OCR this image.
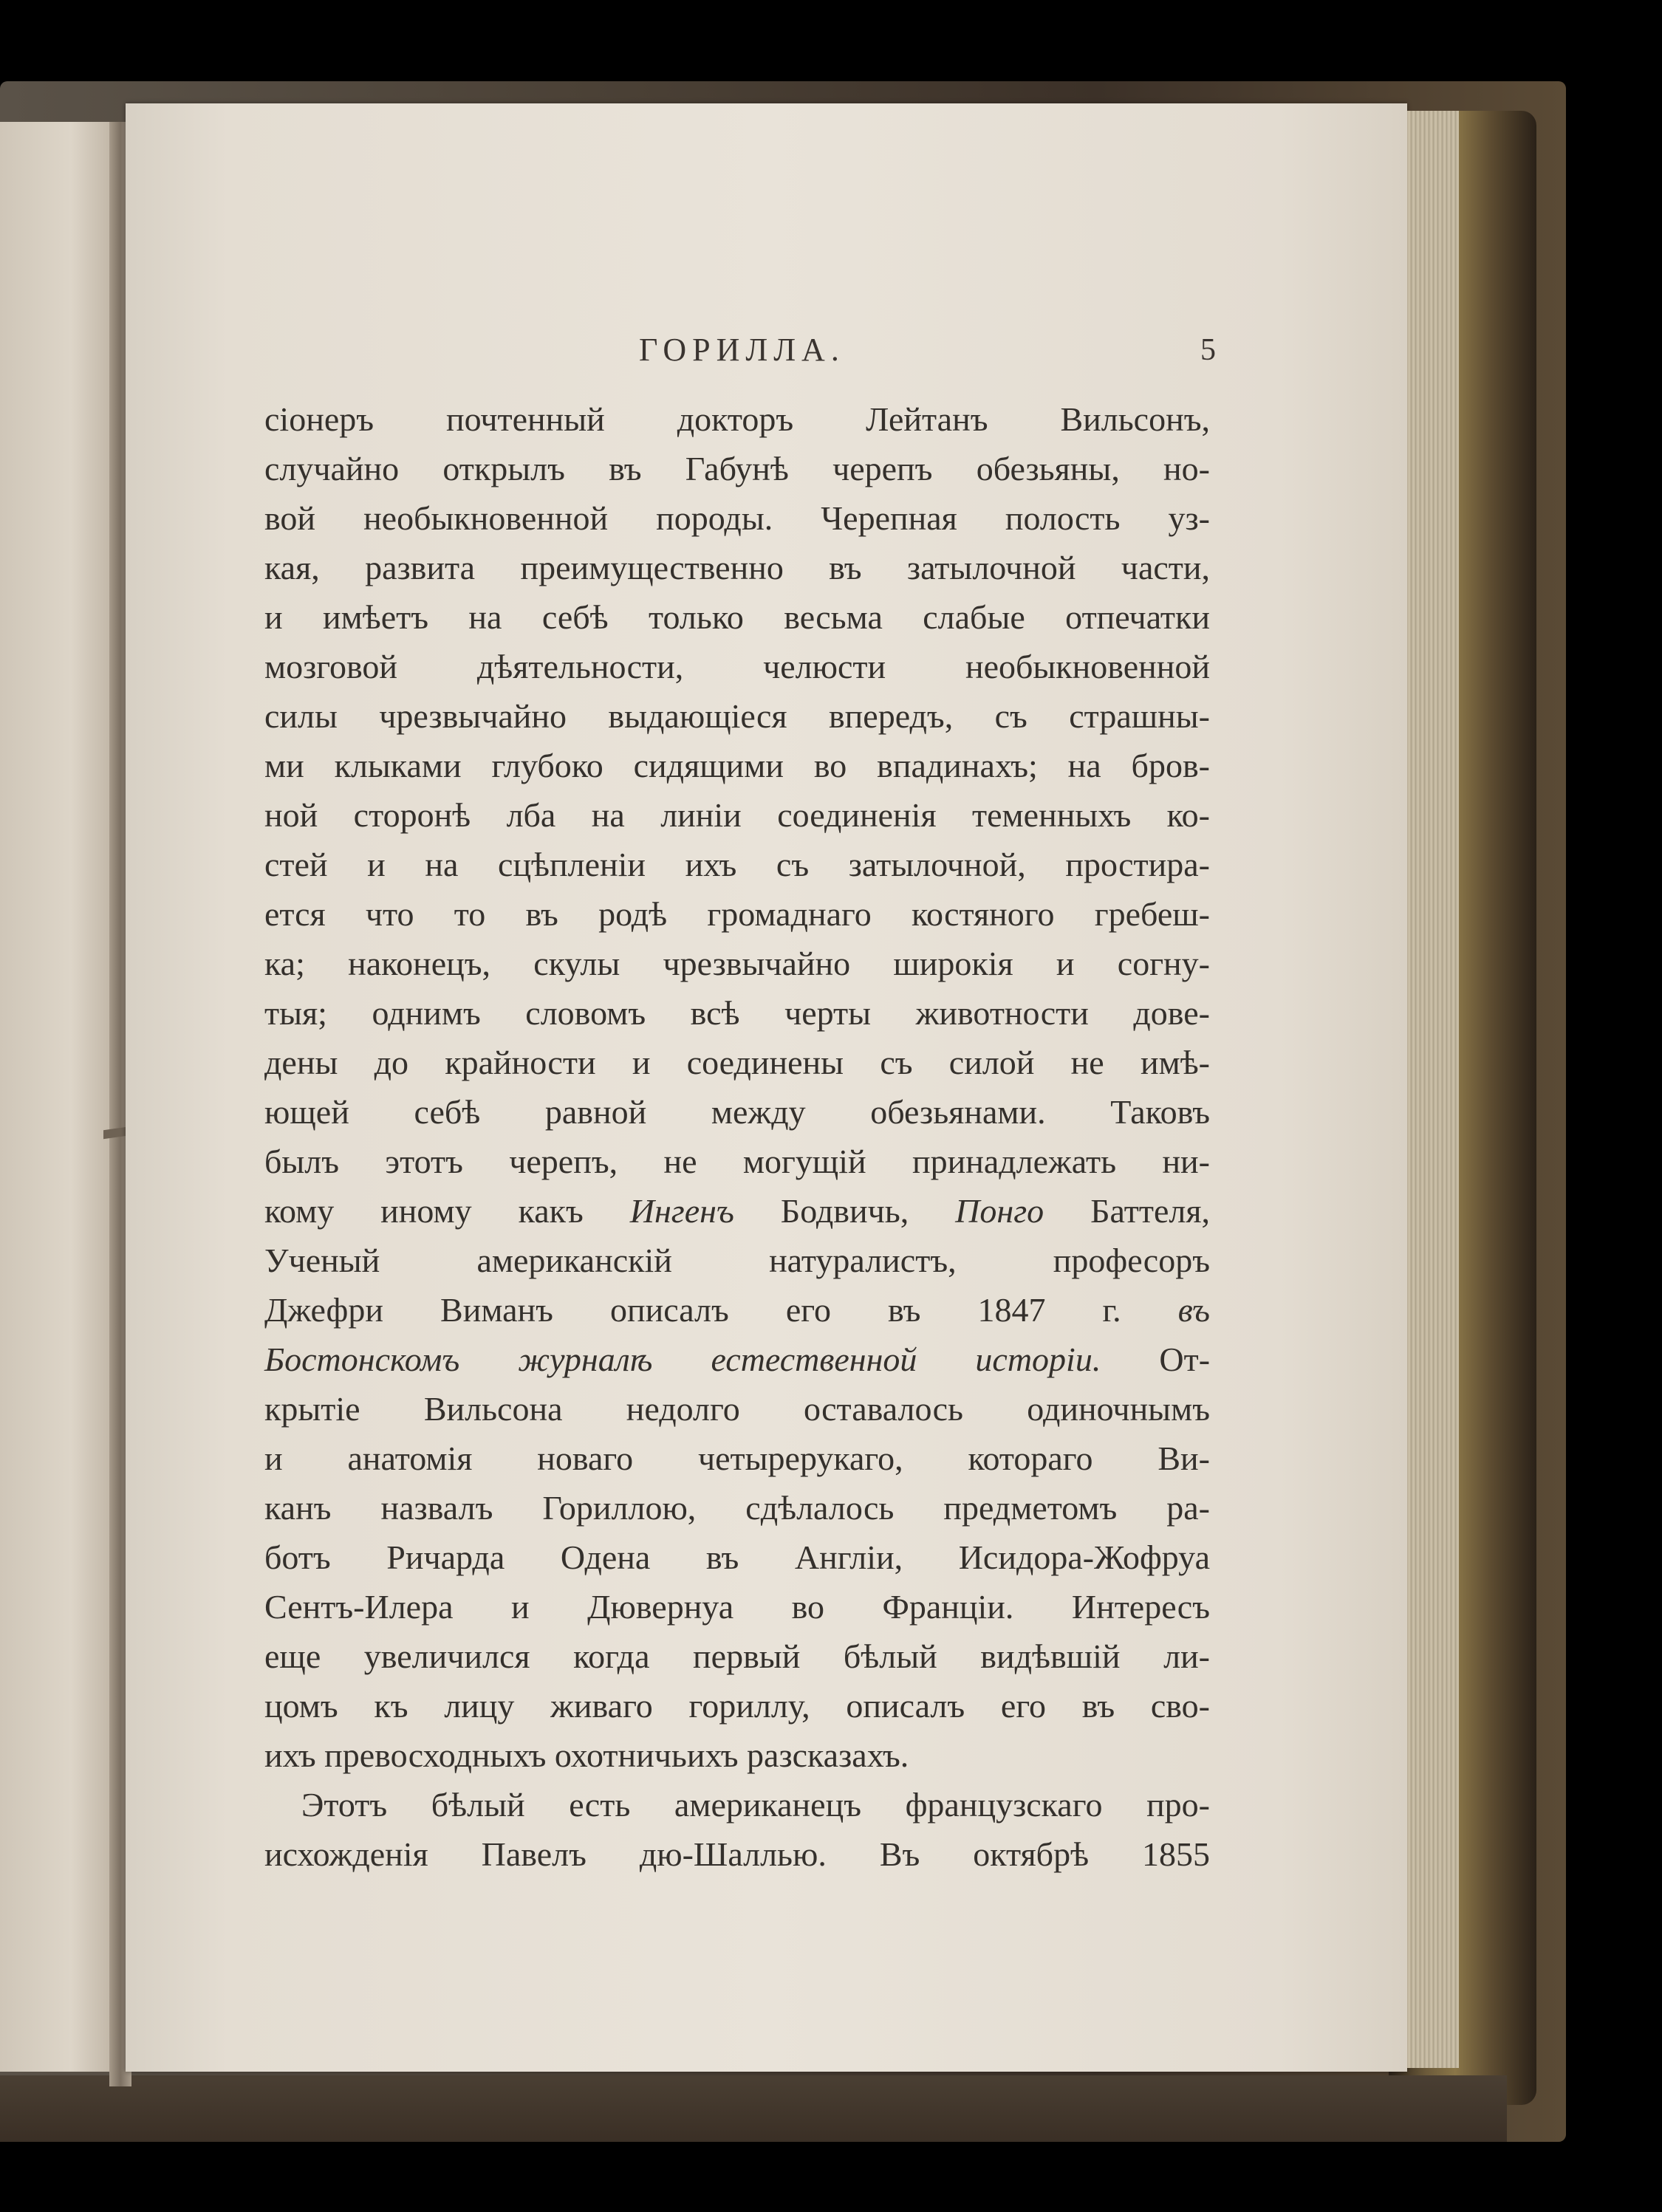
ГОРИЛЛА.	5
сіонеръ почтенный докторъ Лейтанъ Вильсонъ,
случайно открылъ въ Габунѣ черепъ обезьяны, но-
вой необыкновенной породы. Черепная полость уз-
кая, развита преимущественно въ затылочной части,
и имѣетъ на себѣ только весьма слабые отпечатки
мозговой дѣятельности, челюсти необыкновенной
силы чрезвычайно выдающіеся впередъ, съ страшны-
ми клыками глубоко сидящими во впадинахъ; на бров-
ной сторонѣ лба на линіи соединенія теменныхъ ко-
стей и на сцѣпленіи ихъ съ затылочной, простира-
ется что то въ родѣ громаднаго костяного гребеш-
ка; наконецъ, скулы чрезвычайно широкія и согну-
тыя; однимъ словомъ всѣ черты животности дове-
дены до крайности и соединены съ силой не имѣ-
ющей себѣ равной между обезьянами. Таковъ
былъ этотъ черепъ, не могущій принадлежать ни-
кому иному какъ Ингенъ Бодвичь, Понго Баттеля,
Ученый американскій натуралистъ, професоръ
Джефри Виманъ описалъ его въ 1847 г. въ
Бостонскомъ журналѣ естественной исторіи. От-
крытіе Вильсона недолго оставалось одиночнымъ
и анатомія новаго четырерукаго, котораго Ви-
канъ назвалъ Гориллою, сдѣлалось предметомъ ра-
ботъ Ричарда Одена въ Англіи, Исидора-Жофруа
Сентъ-Илера и Дювернуа во Франціи. Интересъ
еще увеличился когда первый бѣлый видѣвшій ли-
цомъ къ лицу живаго гориллу, описалъ его въ сво-
ихъ превосходныхъ охотничьихъ разсказахъ.
Этотъ бѣлый есть американецъ французскаго про-
исхожденія Павелъ дю-Шаллью. Въ октябрѣ 1855
